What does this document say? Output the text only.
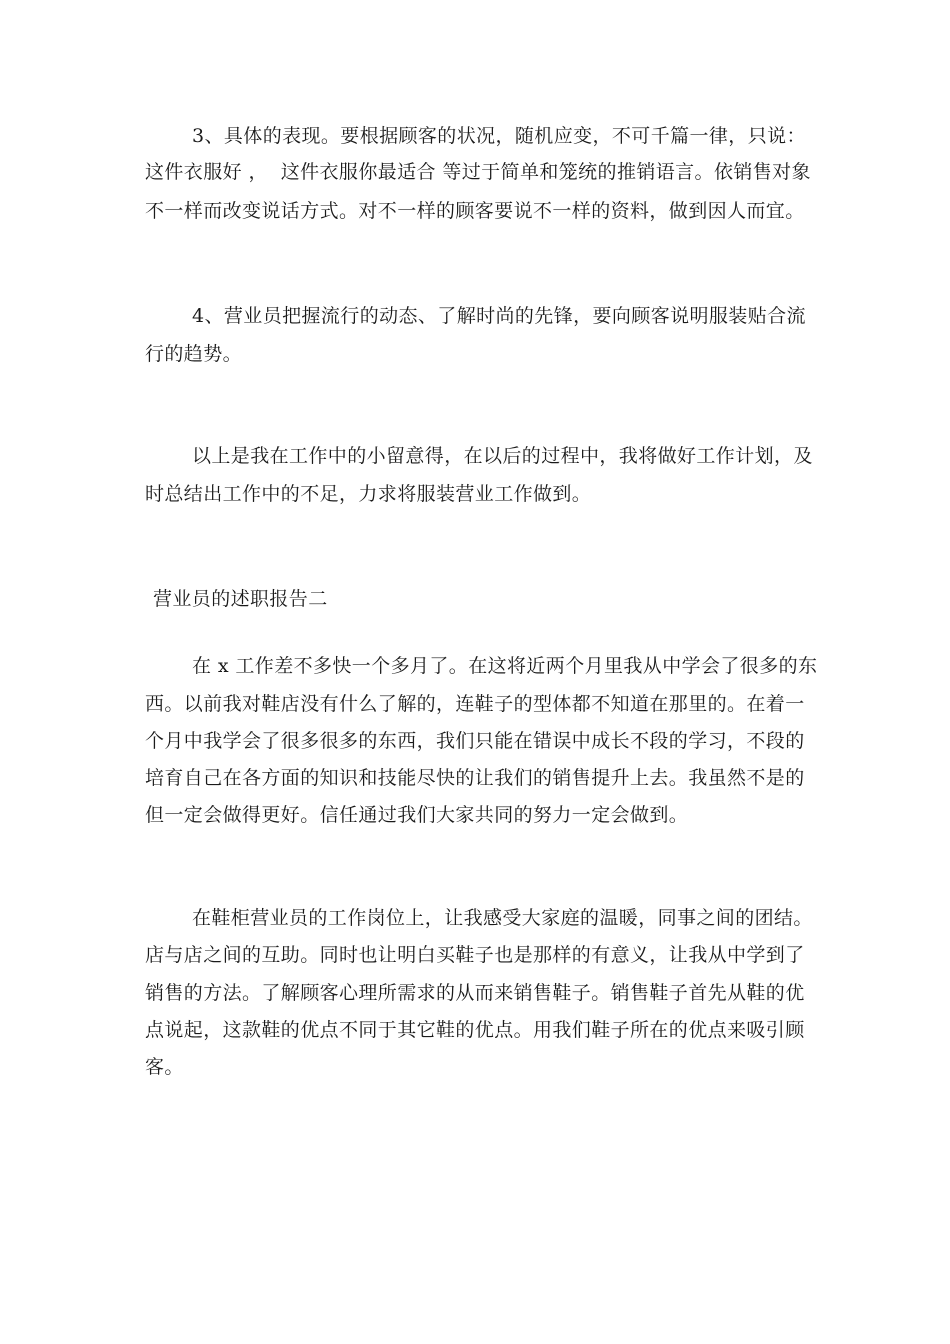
3、具体的表现。要根据顾客的状况，随机应变，不可千篇一律，只说：
这件衣服好 ，  这件衣服你最适合 等过于简单和笼统的推销语言。依销售对象
不一样而改变说话方式。对不一样的顾客要说不一样的资料，做到因人而宜。
4、营业员把握流行的动态、了解时尚的先锋，要向顾客说明服装贴合流
行的趋势。
以上是我在工作中的小留意得，在以后的过程中，我将做好工作计划，及
时总结出工作中的不足，力求将服装营业工作做到。
营业员的述职报告二
在 x 工作差不多快一个多月了。在这将近两个月里我从中学会了很多的东
西。以前我对鞋店没有什么了解的，连鞋子的型体都不知道在那里的。在着一
个月中我学会了很多很多的东西，我们只能在错误中成长不段的学习，不段的
培育自己在各方面的知识和技能尽快的让我们的销售提升上去。我虽然不是的
但一定会做得更好。信任通过我们大家共同的努力一定会做到。
在鞋柜营业员的工作岗位上，让我感受大家庭的温暖，同事之间的团结。
店与店之间的互助。同时也让明白买鞋子也是那样的有意义，让我从中学到了
销售的方法。了解顾客心理所需求的从而来销售鞋子。销售鞋子首先从鞋的优
点说起，这款鞋的优点不同于其它鞋的优点。用我们鞋子所在的优点来吸引顾
客。
